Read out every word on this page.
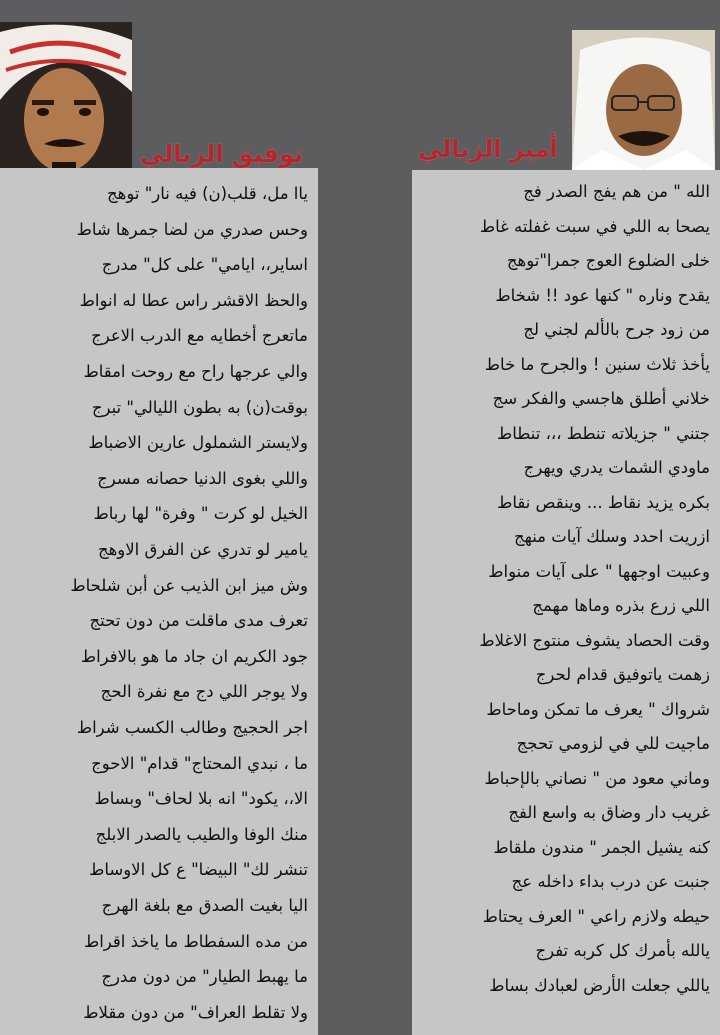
توفيق الزبالي	أمير الزبالي
ياا مل، قلب(ن) فيه نار" توهج
وحس صدري من لضا جمرها شاط
اساير،، ايامي" على كل" مدرج
والحظ الاقشر راس عطا له انواط
ماتعرج أخطايه مع الدرب الاعرج
والي عرجها راح مع روحت امقاط
بوقت(ن) به بطون الليالي" تبرج
ولايستر الشملول عارين الاضباط
واللي بغوى الدنيا حصانه مسرج
الخيل لو كرت " وفرة" لها رباط
يامير لو تدري عن الفرق الاوهج
وش ميز ابن الذيب عن أبن شلحاط
تعرف مدى ماقلت من دون تحتج
جود الكريم ان جاد ما هو بالافراط
ولا يوجر اللي دج مع نفرة الحج
اجر الحجيج وطالب الكسب شراط
ما ، نبدي المحتاج" قدام" الاحوج
الا،، يكود" انه بلا لحاف" وبساط
منك الوفا والطيب يالصدر الابلج
تنشر لك" البيضا" ع كل الاوساط
اليا بغيت الصدق مع بلغة الهرج
من مده السفطاط ما ياخذ اقراط
ما يهبط الطيار" من دون مدرج
ولا تقلط العراف" من دون مقلاط
الله " من هم يفج الصدر فج
يصحا به اللي في سبت غفلته غاط
خلى الضلوع العوج جمرا"توهج
يقدح وناره " كنها عود !! شخاط
من زود جرح بالألم لجني لج
يأخذ ثلاث سنين ! والجرح ما خاط
خلاني أطلق هاجسي والفكر سج
جتني " جزيلاته تنطط ،،، تنطاط
ماودي الشمات يدري ويهرج
بكره يزيد نقاط ... وينقص نقاط
ازريت احدد وسلك آيات منهج
وعبيت اوجهها " على آيات منواط
اللي زرع بذره وماها مهمج
وقت الحصاد يشوف منتوج الاغلاط
زهمت ياتوفيق قدام لحرج
شرواك " يعرف ما تمكن وماحاط
ماجيت للي في لزومي تحجج
وماني معود من " نصاني بالإحباط
غريب دار وضاق به واسع الفج
كنه يشيل الجمر " مندون ملقاط
جنبت عن درب بداء داخله عج
حيطه ولازم راعي " العرف يحتاط
يالله بأمرك كل كربه تفرج
ياللي جعلت الأرض لعبادك بساط
